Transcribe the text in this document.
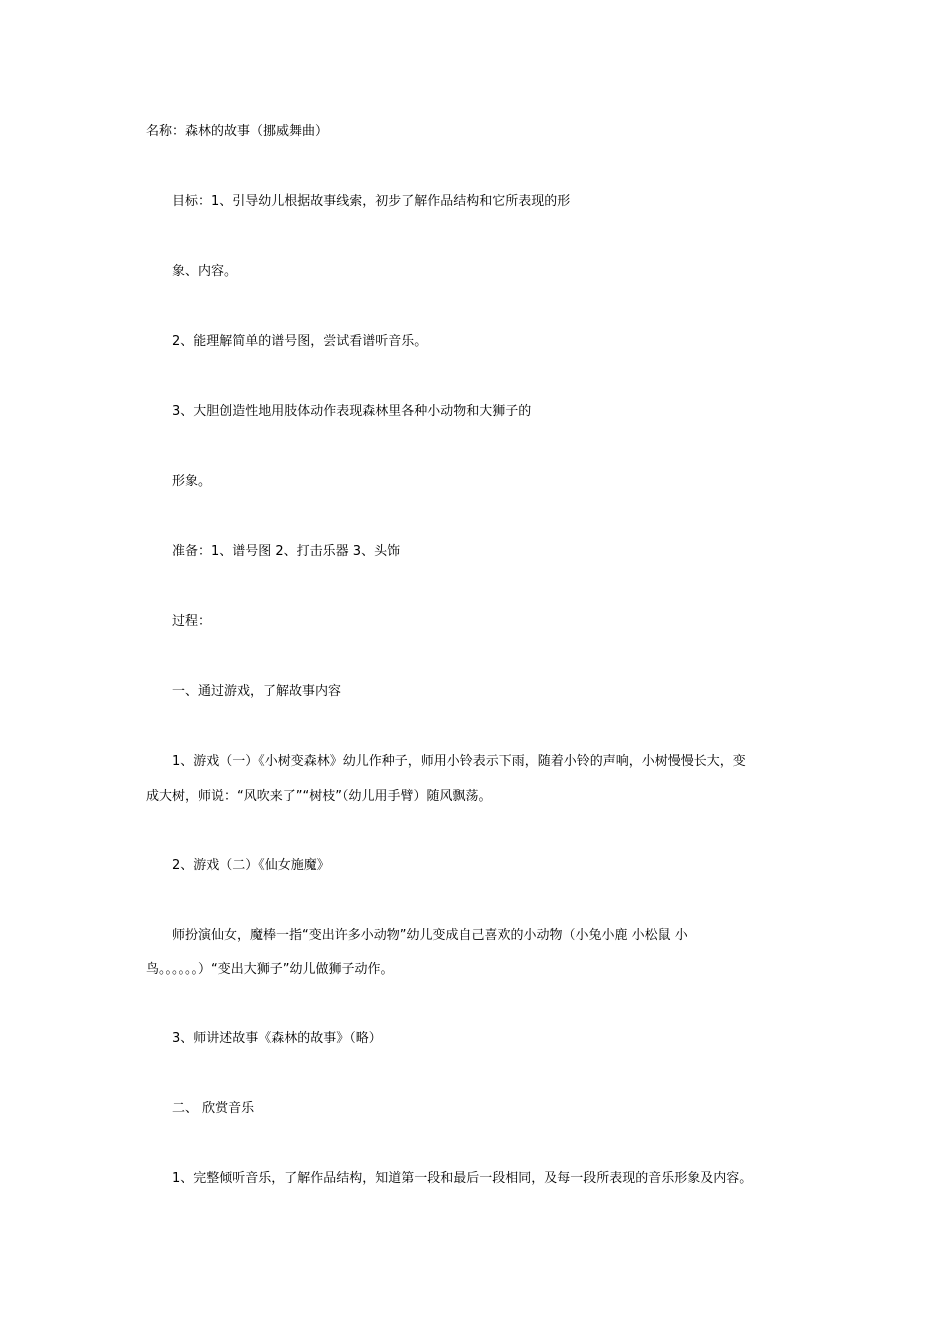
名称：森林的故事（挪威舞曲）
目标：1、引导幼儿根据故事线索，初步了解作品结构和它所表现的形
象、内容。
2、能理解简单的谱号图，尝试看谱听音乐。
3、大胆创造性地用肢体动作表现森林里各种小动物和大狮子的
形象。
准备：1、谱号图 2、打击乐器 3、头饰
过程：
一、通过游戏，了解故事内容
1、游戏（一）《小树变森林》幼儿作种子，师用小铃表示下雨，随着小铃的声响，小树慢慢长大，变
成大树，师说：“风吹来了”“树枝”（幼儿用手臂）随风飘荡。
2、游戏（二）《仙女施魔》
师扮演仙女，魔棒一指“变出许多小动物”幼儿变成自己喜欢的小动物（小兔小鹿 小松鼠 小
鸟。。。。。。）“变出大狮子”幼儿做狮子动作。
3、师讲述故事《森林的故事》（略）
二、 欣赏音乐
1、完整倾听音乐，了解作品结构，知道第一段和最后一段相同，及每一段所表现的音乐形象及内容。
